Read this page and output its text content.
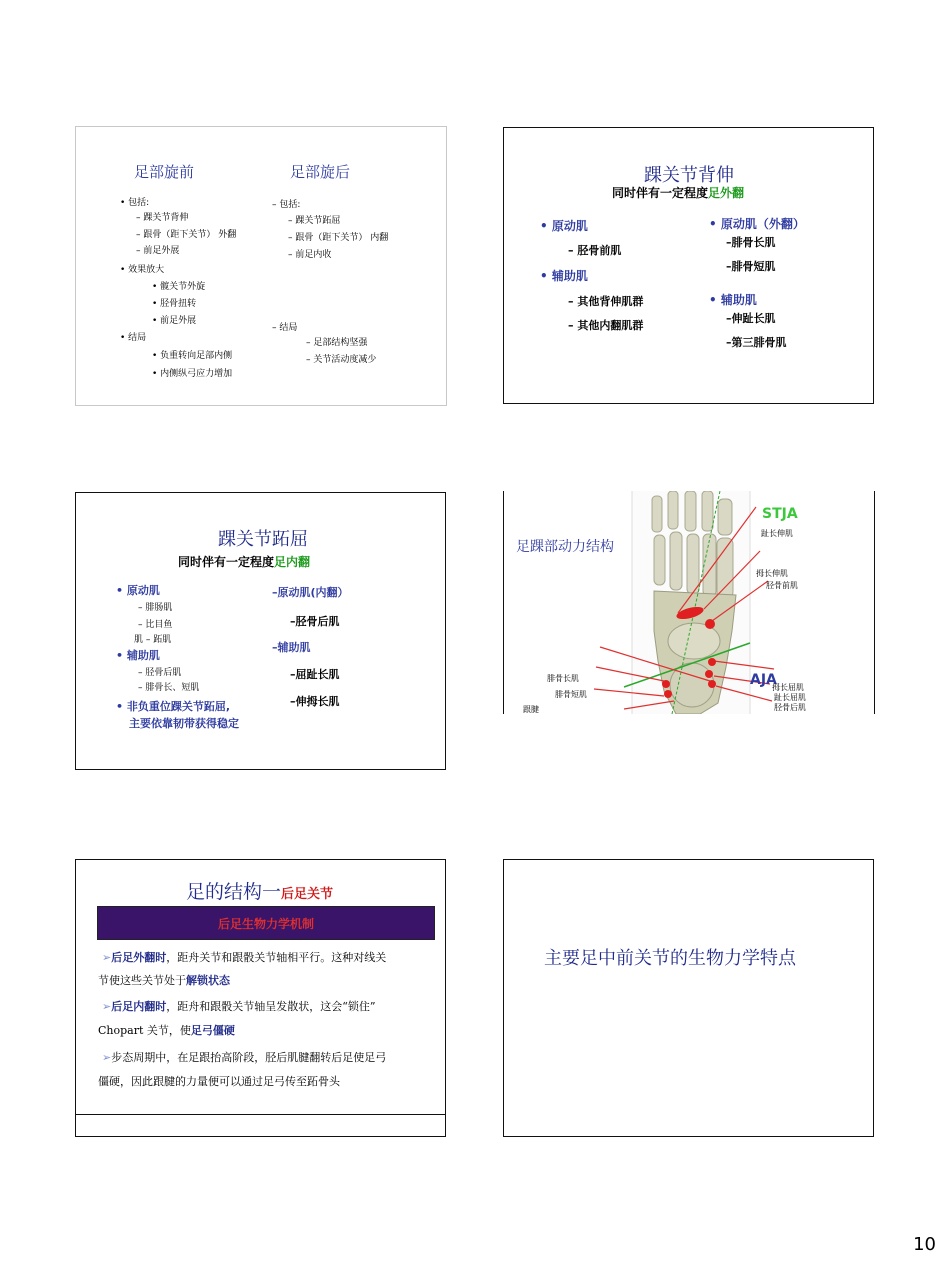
足部旋前	足部旋后
• 包括:
– 踝关节背伸
– 跟骨（距下关节） 外翻
– 前足外展
• 效果放大
• 髋关节外旋
• 胫骨扭转
• 前足外展
• 结局
• 负重转向足部内侧
• 内侧纵弓应力增加
– 包括:
– 踝关节跖屈
– 跟骨（距下关节） 内翻
– 前足内收
– 结局
– 足部结构坚强
– 关节活动度减少
踝关节背伸
同时伴有一定程度足外翻
• 原动肌
– 胫骨前肌
• 辅助肌
– 其他背伸肌群
– 其他内翻肌群
• 原动肌（外翻）
–腓骨长肌
–腓骨短肌
• 辅助肌
–伸趾长肌
–第三腓骨肌
踝关节跖屈
同时伴有一定程度足内翻
• 原动肌
– 腓肠肌
– 比目鱼
肌 – 跖肌
• 辅助肌
– 胫骨后肌
– 腓骨长、短肌
• 非负重位踝关节跖屈,
主要依靠韧带获得稳定
–原动肌(内翻）
–胫骨后肌
–辅助肌
–屈趾长肌
–伸拇长肌
足踝部动力结构
STJA
AJA
趾长伸肌
拇长伸肌
胫骨前肌
腓骨长肌
腓骨短肌
跟腱
拇长屈肌
趾长屈肌
胫骨后肌
足的结构一后足关节
后足生物力学机制
➢后足外翻时，距舟关节和跟骰关节轴相平行。这种对线关
节使这些关节处于解锁状态
➢后足内翻时，距舟和跟骰关节轴呈发散状，这会“锁住”
Chopart 关节，使足弓僵硬
➢步态周期中，在足跟抬高阶段，胫后肌腱翻转后足使足弓
僵硬，因此跟腱的力量便可以通过足弓传至跖骨头
主要足中前关节的生物力学特点
10
